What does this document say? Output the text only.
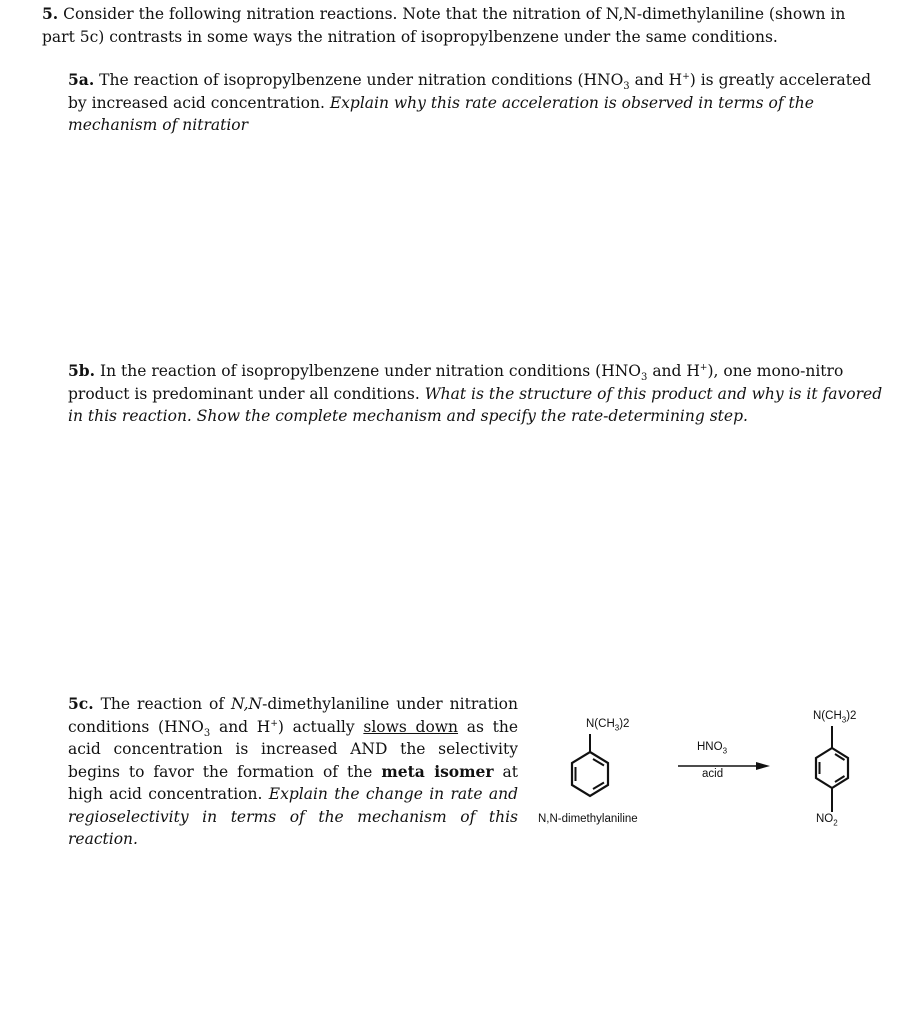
5. Consider the following nitration reactions. Note that the nitration of N,N-dimethylaniline (shown in part 5c) contrasts in some ways the nitration of isopropylbenzene under the same conditions.
5a. The reaction of isopropylbenzene under nitration conditions ($HNO_3$ and H+) is greatly accelerated by increased acid concentration. Explain why this rate acceleration is observed in terms of the mechanism of nitratior
5b. In the reaction of isopropylbenzene under nitration conditions ($HNO_3$ and H+), one mono-nitro product is predominant under all conditions. What is the structure of this product and why is it favored in this reaction. Show the complete mechanism and specify the rate-determining step.
5c. The reaction of N,N-dimethylaniline under nitration conditions ($HNO_3$ and H+) actually slows down as the acid concentration is increased AND the selectivity begins to favor the formation of the meta isomer at high acid concentration. Explain the change in rate and regioselectivity in terms of the mechanism of this reaction.
$N(CH_3)2$
N,N-dimethylaniline
$HNO_3$
acid
$N(CH_3)2$
$NO_2$
